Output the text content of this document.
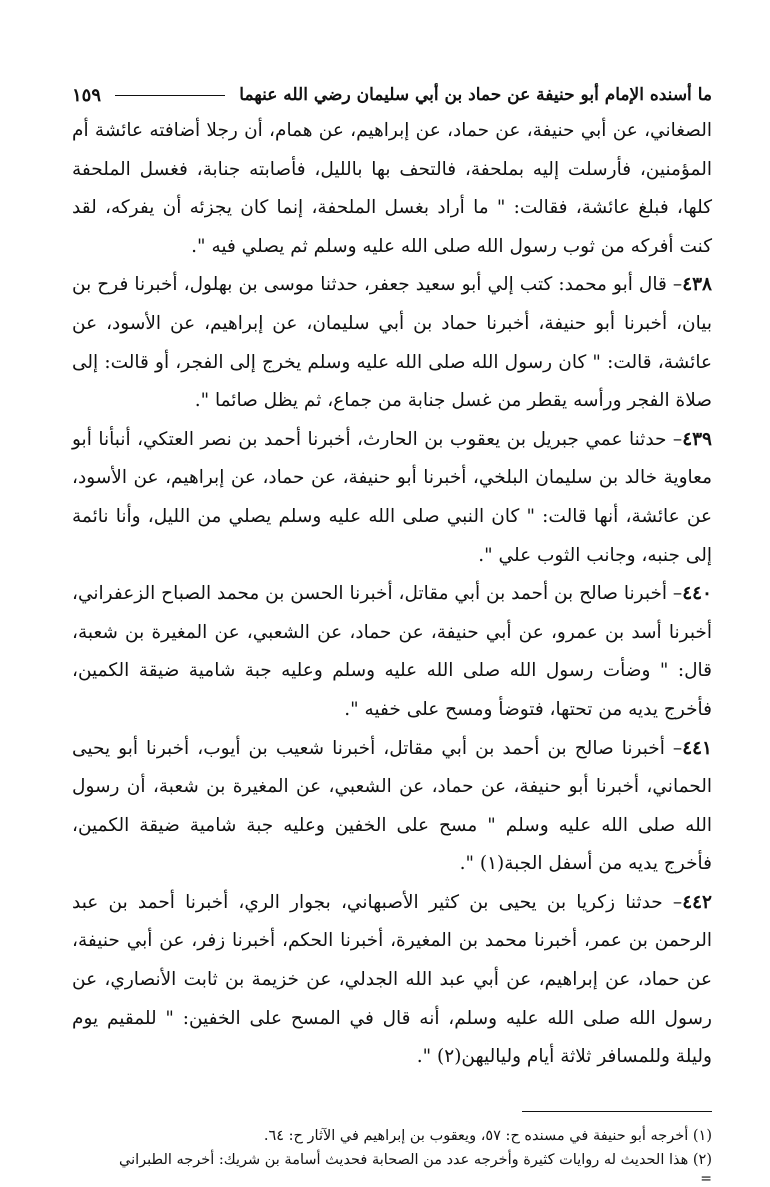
ما أسنده الإمام أبو حنيفة عن حماد بن أبي سليمان رضي الله عنهما
١٥٩

الصغاني، عن أبي حنيفة، عن حماد، عن إبراهيم، عن همام، أن رجلا أضافته عائشة أم المؤمنين، فأرسلت إليه بملحفة، فالتحف بها بالليل، فأصابته جنابة، فغسل الملحفة كلها، فبلغ عائشة، فقالت: " ما أراد بغسل الملحفة، إنما كان يجزئه أن يفركه، لقد كنت أفركه من ثوب رسول الله صلى الله عليه وسلم ثم يصلي فيه ".

٤٣٨– قال أبو محمد: كتب إلي أبو سعيد جعفر، حدثنا موسى بن بهلول، أخبرنا فرح بن بيان، أخبرنا أبو حنيفة، أخبرنا حماد بن أبي سليمان، عن إبراهيم، عن الأسود، عن عائشة، قالت: " كان رسول الله صلى الله عليه وسلم يخرج إلى الفجر، أو قالت: إلى صلاة الفجر ورأسه يقطر من غسل جنابة من جماع، ثم يظل صائما ".

٤٣٩– حدثنا عمي جبريل بن يعقوب بن الحارث، أخبرنا أحمد بن نصر العتكي، أنبأنا أبو معاوية خالد بن سليمان البلخي، أخبرنا أبو حنيفة، عن حماد، عن إبراهيم، عن الأسود، عن عائشة، أنها قالت: " كان النبي صلى الله عليه وسلم يصلي من الليل، وأنا نائمة إلى جنبه، وجانب الثوب علي ".

٤٤٠– أخبرنا صالح بن أحمد بن أبي مقاتل، أخبرنا الحسن بن محمد الصباح الزعفراني، أخبرنا أسد بن عمرو، عن أبي حنيفة، عن حماد، عن الشعبي، عن المغيرة بن شعبة، قال: " وضأت رسول الله صلى الله عليه وسلم وعليه جبة شامية ضيقة الكمين، فأخرج يديه من تحتها، فتوضأ ومسح على خفيه ".

٤٤١– أخبرنا صالح بن أحمد بن أبي مقاتل، أخبرنا شعيب بن أيوب، أخبرنا أبو يحيى الحماني، أخبرنا أبو حنيفة، عن حماد، عن الشعبي، عن المغيرة بن شعبة، أن رسول الله صلى الله عليه وسلم " مسح على الخفين وعليه جبة شامية ضيقة الكمين، فأخرج يديه من أسفل الجبة(١) ".

٤٤٢– حدثنا زكريا بن يحيى بن كثير الأصبهاني، بجوار الري، أخبرنا أحمد بن عبد الرحمن بن عمر، أخبرنا محمد بن المغيرة، أخبرنا الحكم، أخبرنا زفر، عن أبي حنيفة، عن حماد، عن إبراهيم، عن أبي عبد الله الجدلي، عن خزيمة بن ثابت الأنصاري، عن رسول الله صلى الله عليه وسلم، أنه قال في المسح على الخفين: " للمقيم يوم وليلة وللمسافر ثلاثة أيام ولياليهن(٢) ".

(١) أخرجه أبو حنيفة في مسنده ح: ٥٧، ويعقوب بن إبراهيم في الآثار ح: ٦٤.

(٢) هذا الحديث له روايات كثيرة وأخرجه عدد من الصحابة فحديث أسامة بن شريك: أخرجه الطبراني

=
